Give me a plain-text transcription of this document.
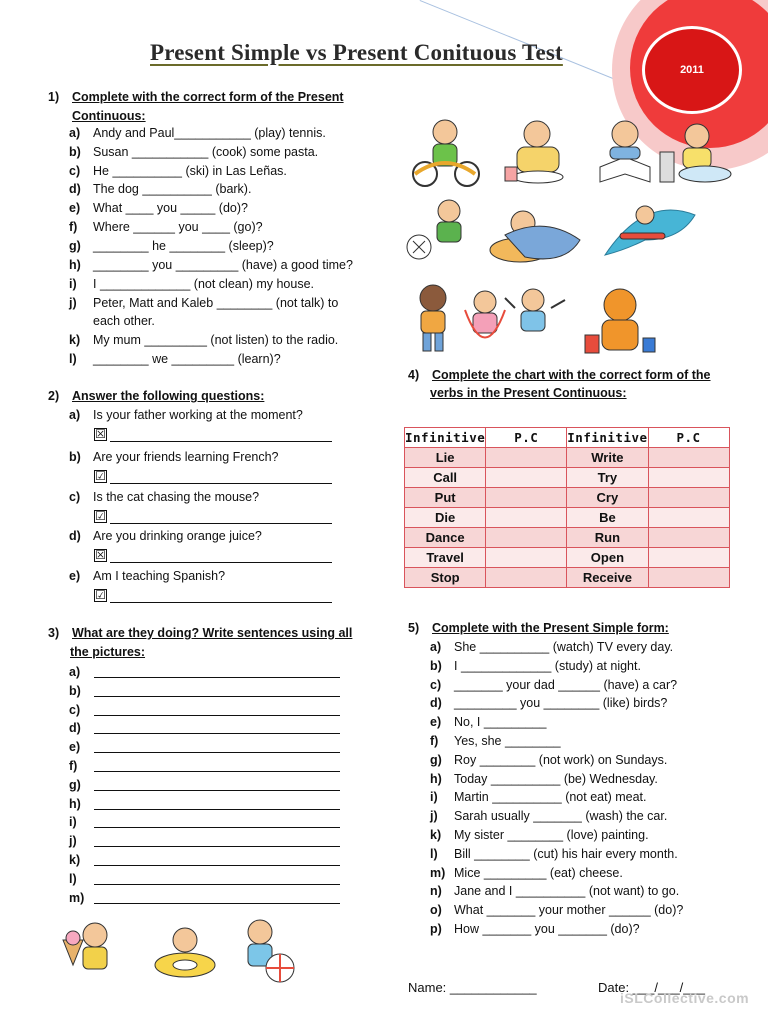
2011
Present Simple vs Present Conituous Test
1) Complete with the correct form of the Present
Continuous:
a) Andy and Paul___________ (play) tennis.
b) Susan ___________ (cook) some pasta.
c) He __________ (ski) in Las Leñas.
d) The dog __________ (bark).
e) What ____ you _____ (do)?
f) Where ______ you ____ (go)?
g) ________ he ________ (sleep)?
h) ________ you _________ (have) a good time?
i) I _____________ (not clean) my house.
j) Peter, Matt and Kaleb ________ (not talk) to
each other.
k) My mum _________ (not listen) to the radio.
l) ________ we _________ (learn)?
2) Answer the following questions:
a) Is your father working at the moment?
☒
b) Are your friends learning French?
☑
c) Is the cat chasing the mouse?
☑
d) Are you drinking orange juice?
☒
e) Am I teaching Spanish?
☑
3) What are they doing? Write sentences using all
the pictures:
a)
b)
c)
d)
e)
f)
g)
h)
i)
j)
k)
l)
m)
4) Complete the chart with the correct form of the
verbs in the Present Continuous:
Infinitive	P.C	Infinitive	P.C
Lie		Write	
Call		Try	
Put		Cry	
Die		Be	
Dance		Run	
Travel		Open	
Stop		Receive	
5) Complete with the Present Simple form:
a) She __________ (watch) TV every day.
b) I _____________ (study) at night.
c) _______ your dad ______ (have) a car?
d) _________ you ________ (like) birds?
e) No, I _________
f) Yes, she ________
g) Roy ________ (not work) on Sundays.
h) Today __________ (be) Wednesday.
i) Martin __________ (not eat) meat.
j) Sarah usually _______ (wash) the car.
k) My sister ________ (love) painting.
l) Bill ________ (cut) his hair every month.
m) Mice _________ (eat) cheese.
n) Jane and I __________ (not want) to go.
o) What _______ your mother ______ (do)?
p) How _______ you _______ (do)?
Name: ____________	Date: ___/___/___
iSLCollective.com
